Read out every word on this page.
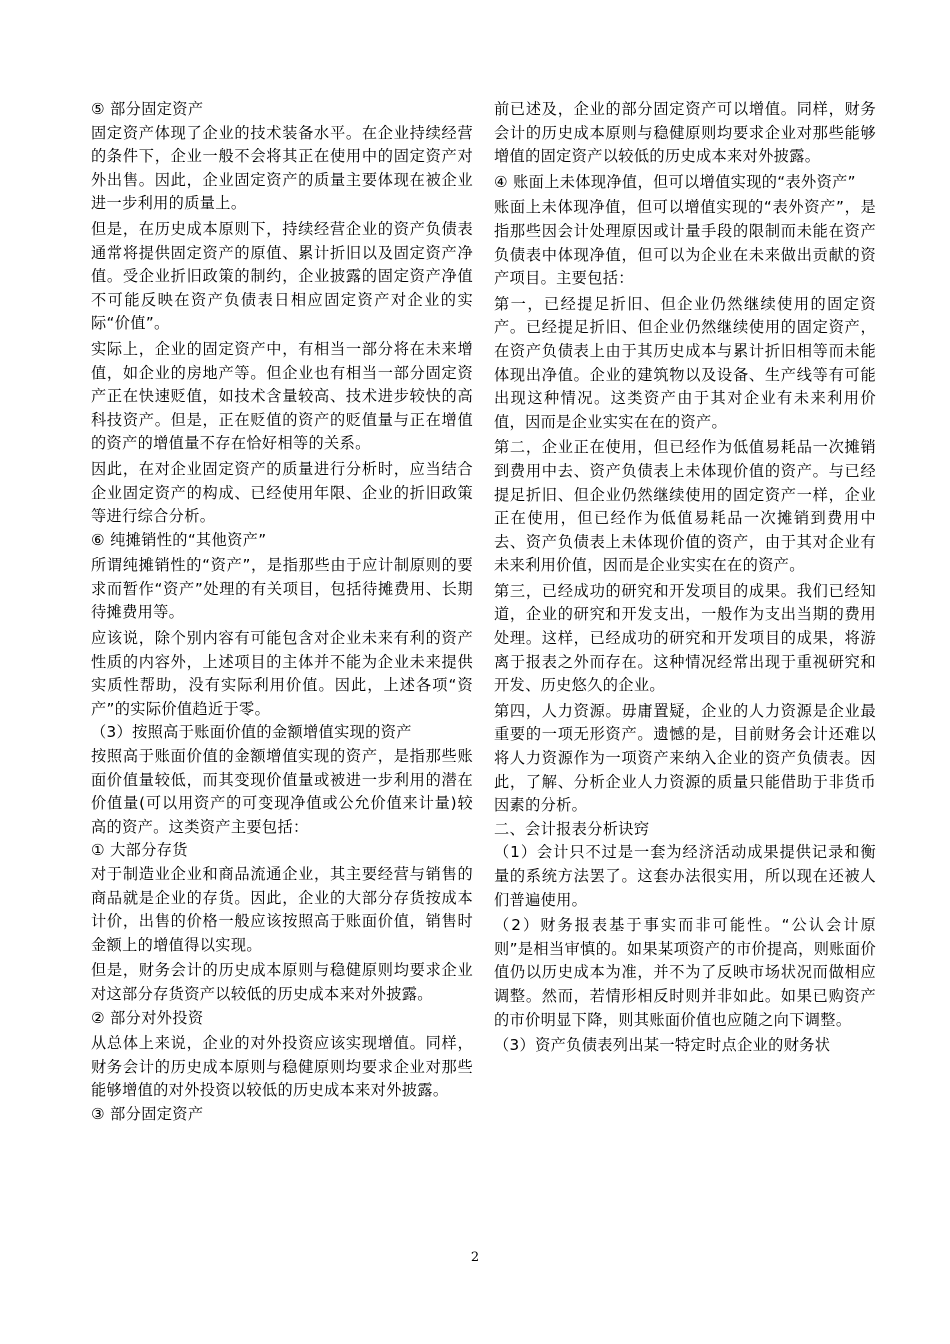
⑤ 部分固定资产

固定资产体现了企业的技术装备水平。在企业持续经营的条件下，企业一般不会将其正在使用中的固定资产对外出售。因此，企业固定资产的质量主要体现在被企业进一步利用的质量上。

但是，在历史成本原则下，持续经营企业的资产负债表通常将提供固定资产的原值、累计折旧以及固定资产净值。受企业折旧政策的制约，企业披露的固定资产净值不可能反映在资产负债表日相应固定资产对企业的实际“价值”。

实际上，企业的固定资产中，有相当一部分将在未来增值，如企业的房地产等。但企业也有相当一部分固定资产正在快速贬值，如技术含量较高、技术进步较快的高科技资产。但是，正在贬值的资产的贬值量与正在增值的资产的增值量不存在恰好相等的关系。

因此，在对企业固定资产的质量进行分析时，应当结合企业固定资产的构成、已经使用年限、企业的折旧政策等进行综合分析。

⑥ 纯摊销性的“其他资产”

所谓纯摊销性的“资产”，是指那些由于应计制原则的要求而暂作“资产”处理的有关项目，包括待摊费用、长期待摊费用等。

应该说，除个别内容有可能包含对企业未来有利的资产性质的内容外，上述项目的主体并不能为企业未来提供实质性帮助，没有实际利用价值。因此，上述各项“资产”的实际价值趋近于零。

（3）按照高于账面价值的金额增值实现的资产

按照高于账面价值的金额增值实现的资产，是指那些账面价值量较低，而其变现价值量或被进一步利用的潜在价值量(可以用资产的可变现净值或公允价值来计量)较高的资产。这类资产主要包括：

① 大部分存货

对于制造业企业和商品流通企业，其主要经营与销售的商品就是企业的存货。因此，企业的大部分存货按成本计价，出售的价格一般应该按照高于账面价值，销售时金额上的增值得以实现。

但是，财务会计的历史成本原则与稳健原则均要求企业对这部分存货资产以较低的历史成本来对外披露。

② 部分对外投资

从总体上来说，企业的对外投资应该实现增值。同样，财务会计的历史成本原则与稳健原则均要求企业对那些能够增值的对外投资以较低的历史成本来对外披露。

③ 部分固定资产

前已述及，企业的部分固定资产可以增值。同样，财务会计的历史成本原则与稳健原则均要求企业对那些能够增值的固定资产以较低的历史成本来对外披露。

④ 账面上未体现净值，但可以增值实现的“表外资产”

账面上未体现净值，但可以增值实现的“表外资产”，是指那些因会计处理原因或计量手段的限制而未能在资产负债表中体现净值，但可以为企业在未来做出贡献的资产项目。主要包括：

第一，已经提足折旧、但企业仍然继续使用的固定资产。已经提足折旧、但企业仍然继续使用的固定资产，在资产负债表上由于其历史成本与累计折旧相等而未能体现出净值。企业的建筑物以及设备、生产线等有可能出现这种情况。这类资产由于其对企业有未来利用价值，因而是企业实实在在的资产。

第二，企业正在使用，但已经作为低值易耗品一次摊销到费用中去、资产负债表上未体现价值的资产。与已经提足折旧、但企业仍然继续使用的固定资产一样，企业正在使用，但已经作为低值易耗品一次摊销到费用中去、资产负债表上未体现价值的资产，由于其对企业有未来利用价值，因而是企业实实在在的资产。

第三，已经成功的研究和开发项目的成果。我们已经知道，企业的研究和开发支出，一般作为支出当期的费用处理。这样，已经成功的研究和开发项目的成果，将游离于报表之外而存在。这种情况经常出现于重视研究和开发、历史悠久的企业。

第四，人力资源。毋庸置疑，企业的人力资源是企业最重要的一项无形资产。遗憾的是，目前财务会计还难以将人力资源作为一项资产来纳入企业的资产负债表。因此，了解、分析企业人力资源的质量只能借助于非货币因素的分析。

二、会计报表分析诀窍

（1）会计只不过是一套为经济活动成果提供记录和衡量的系统方法罢了。这套办法很实用，所以现在还被人们普遍使用。

（2）财务报表基于事实而非可能性。“公认会计原则”是相当审慎的。如果某项资产的市价提高，则账面价值仍以历史成本为准，并不为了反映市场状况而做相应调整。然而，若情形相反时则并非如此。如果已购资产的市价明显下降，则其账面价值也应随之向下调整。

（3）资产负债表列出某一特定时点企业的财务状

2
